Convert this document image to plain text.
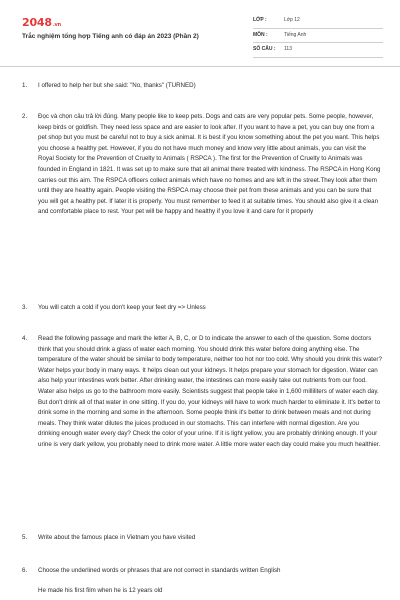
2048.vn
Trắc nghiệm tổng hợp Tiếng anh có đáp án 2023 (Phần 2)
LỚP :	Lớp 12
MÔN :	Tiếng Anh
SỐ CÂU : 113
1. I offered to help her but she said: "No, thanks" (TURNED)
2. Đọc và chọn câu trả lời đúng. Many people like to keep pets. Dogs and cats are very popular pets. Some people, however, keep birds or goldfish. They need less space and are easier to look after. If you want to have a pet, you can buy one from a pet shop but you must be careful not to buy a sick animal. It is best if you know something about the pet you want. This helps you choose a healthy pet. However, if you do not have much money and know very little about animals, you can visit the Royal Society for the Prevention of Cruelty to Animals ( RSPCA ). The first for the Prevention of Cruelty to Animals was founded in England in 1821. It was set up to make sure that all animal there treated with kindness. The RSPCA in Hong Kong carries out this aim. The RSPCA officers collect animals which have no homes and are left in the street.They look after them until they are healthy again. People visiting the RSPCA may choose their pet from these animals and you can be sure that you will get a healthy pet. If later it is properly. You must remember to feed it at suitable times. You should also give it a clean and comfortable place to rest. Your pet will be happy and healthy if you love it and care for it properly
3. You will catch a cold if you don't keep your feet dry => Unless
4. Read the following passage and mark the letter A, B, C, or D to indicate the answer to each of the question. Some doctors think that you should drink a glass of water each morning. You should drink this water before doing anything else. The temperature of the water should be similar to body temperature, neither too hot nor too cold. Why should you drink this water? Water helps your body in many ways. It helps clean out your kidneys. It helps prepare your stomach for digestion. Water can also help your intestines work better. After drinking water, the intestines can more easily take out nutrients from our food. Water also helps us go to the bathroom more easily. Scientists suggest that people take in 1,600 milliliters of water each day. But don't drink all of that water in one sitting. If you do, your kidneys will have to work much harder to eliminate it. It's better to drink some in the morning and some in the afternoon. Some people think it's better to drink between meals and not during meals. They think water dilutes the juices produced in our stomachs. This can interfere with normal digestion. Are you drinking enough water every day? Check the color of your urine. If it is light yellow, you are probably drinking enough. If your urine is very dark yellow, you probably need to drink more water. A little more water each day could make you much healthier.
5. Write about the famous place in Vietnam you have visited
6. Choose the underlined words or phrases that are not correct in standards written English
He made his first film when he is 12 years old
